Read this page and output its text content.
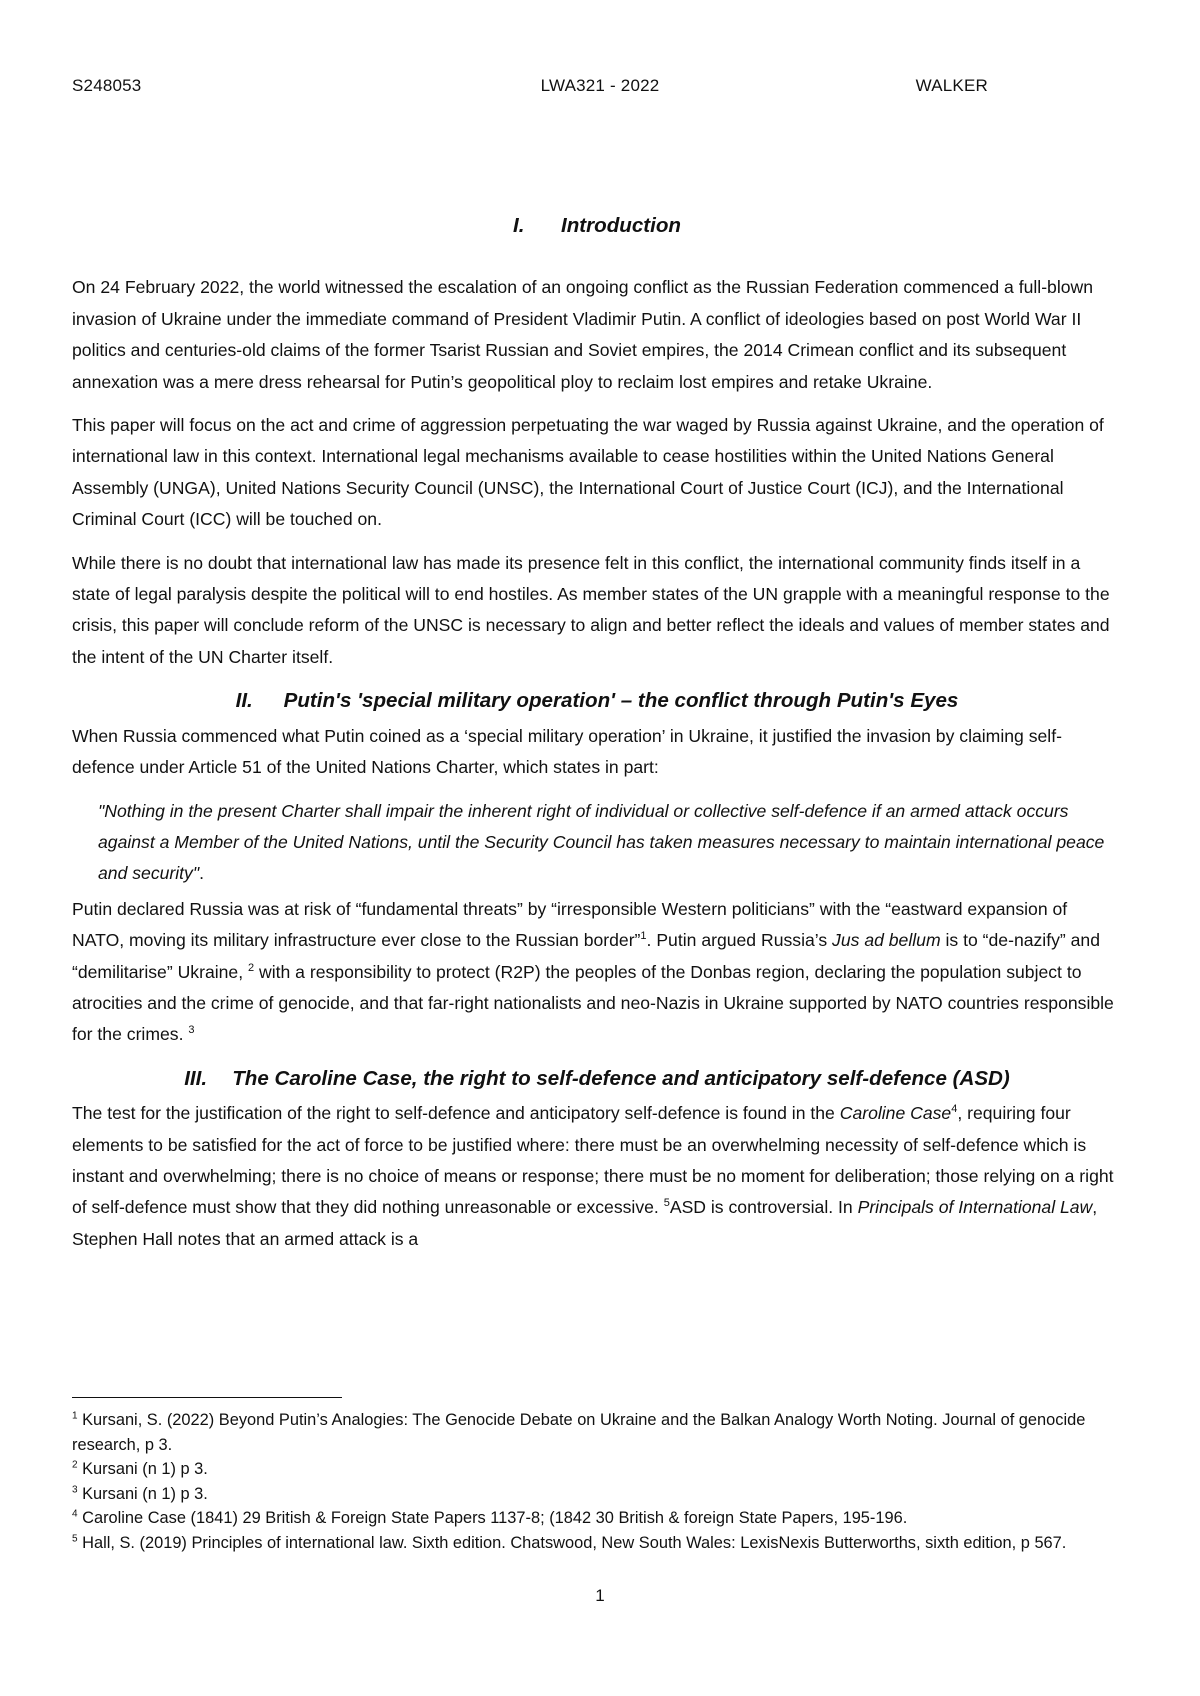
S248053	LWA321 - 2022	WALKER
I. Introduction

On 24 February 2022, the world witnessed the escalation of an ongoing conflict as the Russian Federation commenced a full-blown invasion of Ukraine under the immediate command of President Vladimir Putin. A conflict of ideologies based on post World War II politics and centuries-old claims of the former Tsarist Russian and Soviet empires, the 2014 Crimean conflict and its subsequent annexation was a mere dress rehearsal for Putin’s geopolitical ploy to reclaim lost empires and retake Ukraine.

This paper will focus on the act and crime of aggression perpetuating the war waged by Russia against Ukraine, and the operation of international law in this context. International legal mechanisms available to cease hostilities within the United Nations General Assembly (UNGA), United Nations Security Council (UNSC), the International Court of Justice Court (ICJ), and the International Criminal Court (ICC) will be touched on.

While there is no doubt that international law has made its presence felt in this conflict, the international community finds itself in a state of legal paralysis despite the political will to end hostiles. As member states of the UN grapple with a meaningful response to the crisis, this paper will conclude reform of the UNSC is necessary to align and better reflect the ideals and values of member states and the intent of the UN Charter itself.

II. Putin's 'special military operation' – the conflict through Putin's Eyes

When Russia commenced what Putin coined as a ‘special military operation’ in Ukraine, it justified the invasion by claiming self-defence under Article 51 of the United Nations Charter, which states in part:

"Nothing in the present Charter shall impair the inherent right of individual or collective self-defence if an armed attack occurs against a Member of the United Nations, until the Security Council has taken measures necessary to maintain international peace and security".

Putin declared Russia was at risk of “fundamental threats” by “irresponsible Western politicians” with the “eastward expansion of NATO, moving its military infrastructure ever close to the Russian border”$^1$. Putin argued Russia’s Jus ad bellum is to “de-nazify” and “demilitarise” Ukraine, $^2$ with a responsibility to protect (R2P) the peoples of the Donbas region, declaring the population subject to atrocities and the crime of genocide, and that far-right nationalists and neo-Nazis in Ukraine supported by NATO countries responsible for the crimes. $^3$

III. The Caroline Case, the right to self-defence and anticipatory self-defence (ASD)

The test for the justification of the right to self-defence and anticipatory self-defence is found in the Caroline Case$^4$, requiring four elements to be satisfied for the act of force to be justified where: there must be an overwhelming necessity of self-defence which is instant and overwhelming; there is no choice of means or response; there must be no moment for deliberation; those relying on a right of self-defence must show that they did nothing unreasonable or excessive. $^5$ASD is controversial. In Principals of International Law, Stephen Hall notes that an armed attack is a

$^1$ Kursani, S. (2022) Beyond Putin’s Analogies: The Genocide Debate on Ukraine and the Balkan Analogy Worth Noting. Journal of genocide research, p 3.
$^2$ Kursani (n 1) p 3.
$^3$ Kursani (n 1) p 3.
$^4$ Caroline Case (1841) 29 British & Foreign State Papers 1137-8; (1842 30 British & foreign State Papers, 195-196.
$^5$ Hall, S. (2019) Principles of international law. Sixth edition. Chatswood, New South Wales: LexisNexis Butterworths, sixth edition, p 567.
1
